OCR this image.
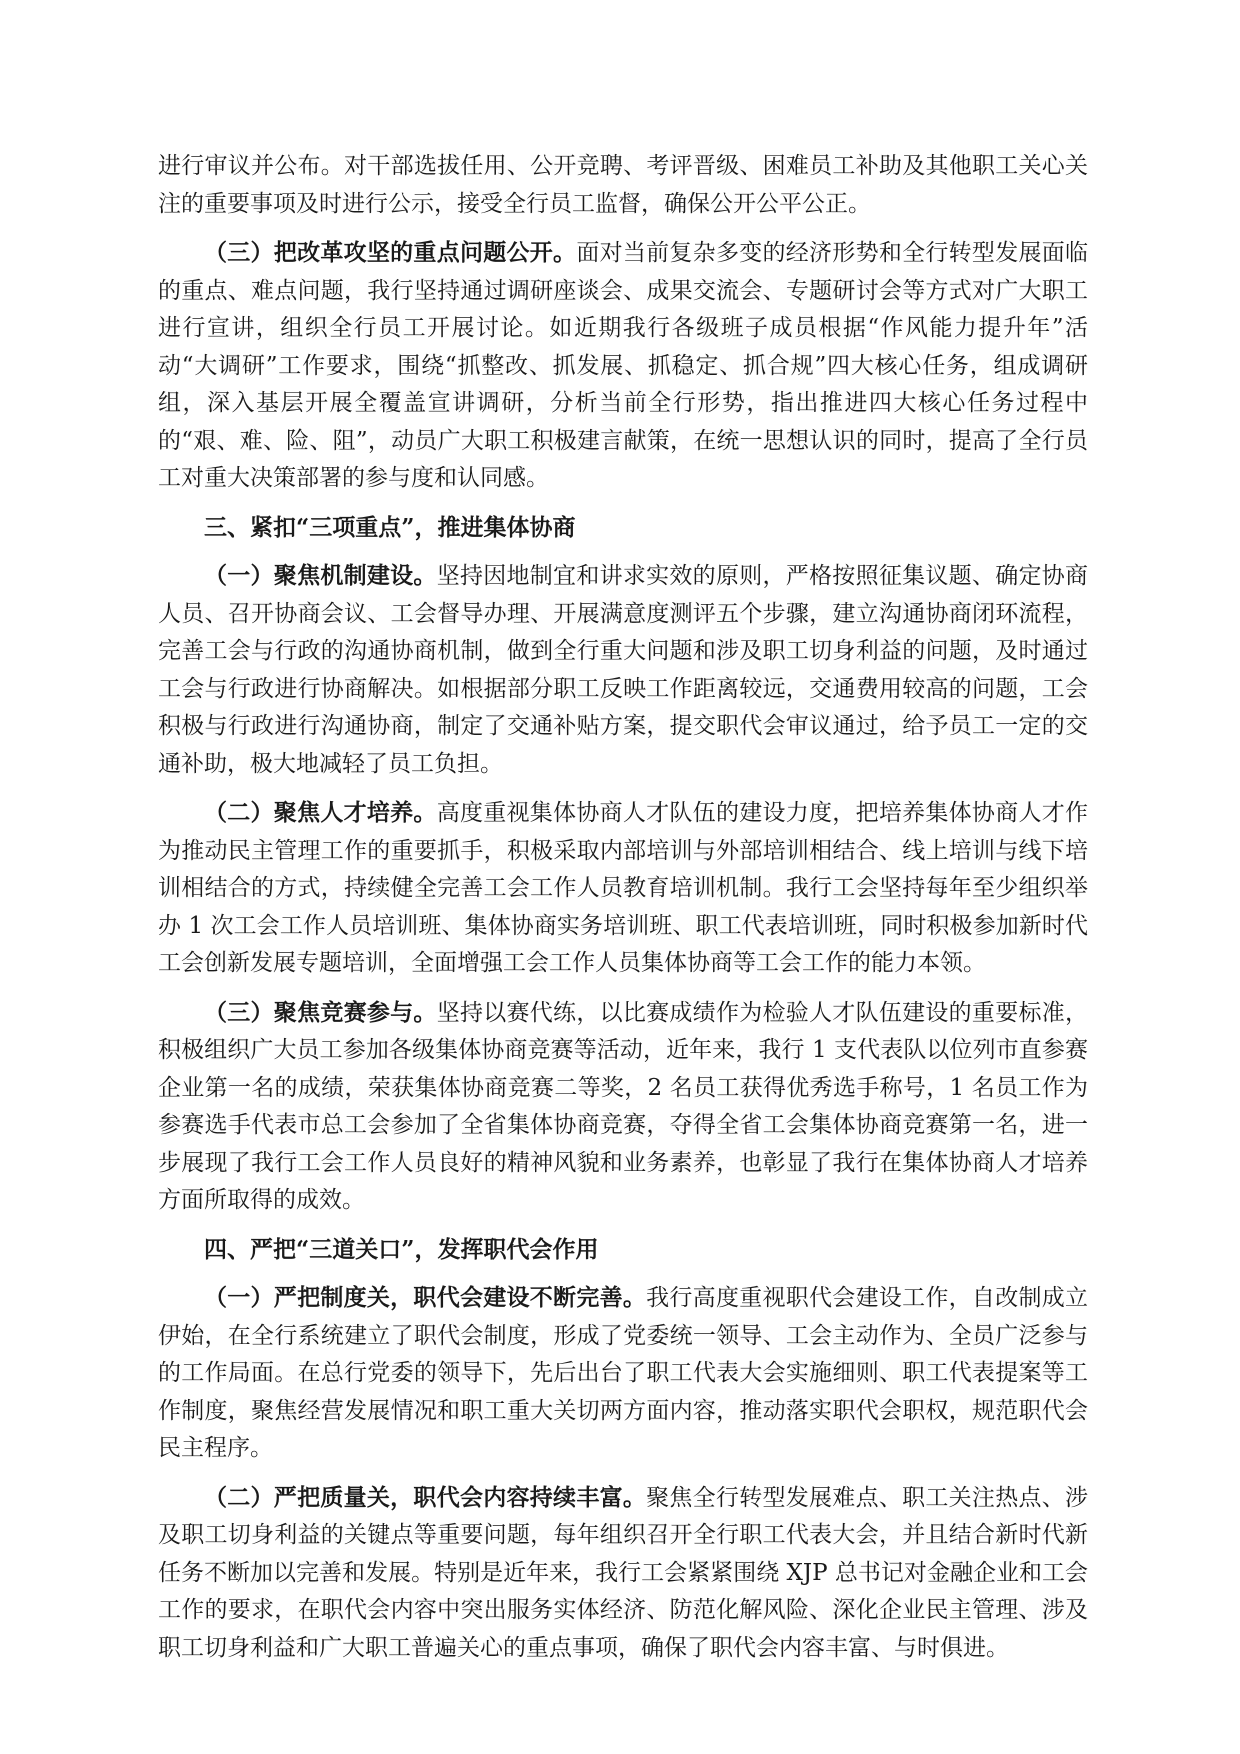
进行审议并公布。对干部选拔任用、公开竞聘、考评晋级、困难员工补助及其他职工关心关注的重要事项及时进行公示，接受全行员工监督，确保公开公平公正。

（三）把改革攻坚的重点问题公开。面对当前复杂多变的经济形势和全行转型发展面临的重点、难点问题，我行坚持通过调研座谈会、成果交流会、专题研讨会等方式对广大职工进行宣讲，组织全行员工开展讨论。如近期我行各级班子成员根据“作风能力提升年”活动“大调研”工作要求，围绕“抓整改、抓发展、抓稳定、抓合规”四大核心任务，组成调研组，深入基层开展全覆盖宣讲调研，分析当前全行形势，指出推进四大核心任务过程中的“艰、难、险、阻”，动员广大职工积极建言献策，在统一思想认识的同时，提高了全行员工对重大决策部署的参与度和认同感。

三、紧扣“三项重点”，推进集体协商

（一）聚焦机制建设。坚持因地制宜和讲求实效的原则，严格按照征集议题、确定协商人员、召开协商会议、工会督导办理、开展满意度测评五个步骤，建立沟通协商闭环流程，完善工会与行政的沟通协商机制，做到全行重大问题和涉及职工切身利益的问题，及时通过工会与行政进行协商解决。如根据部分职工反映工作距离较远，交通费用较高的问题，工会积极与行政进行沟通协商，制定了交通补贴方案，提交职代会审议通过，给予员工一定的交通补助，极大地减轻了员工负担。

（二）聚焦人才培养。高度重视集体协商人才队伍的建设力度，把培养集体协商人才作为推动民主管理工作的重要抓手，积极采取内部培训与外部培训相结合、线上培训与线下培训相结合的方式，持续健全完善工会工作人员教育培训机制。我行工会坚持每年至少组织举办 1 次工会工作人员培训班、集体协商实务培训班、职工代表培训班，同时积极参加新时代工会创新发展专题培训，全面增强工会工作人员集体协商等工会工作的能力本领。

（三）聚焦竞赛参与。坚持以赛代练，以比赛成绩作为检验人才队伍建设的重要标准，积极组织广大员工参加各级集体协商竞赛等活动，近年来，我行 1 支代表队以位列市直参赛企业第一名的成绩，荣获集体协商竞赛二等奖，2 名员工获得优秀选手称号，1 名员工作为参赛选手代表市总工会参加了全省集体协商竞赛，夺得全省工会集体协商竞赛第一名，进一步展现了我行工会工作人员良好的精神风貌和业务素养，也彰显了我行在集体协商人才培养方面所取得的成效。

四、严把“三道关口”，发挥职代会作用

（一）严把制度关，职代会建设不断完善。我行高度重视职代会建设工作，自改制成立伊始，在全行系统建立了职代会制度，形成了党委统一领导、工会主动作为、全员广泛参与的工作局面。在总行党委的领导下，先后出台了职工代表大会实施细则、职工代表提案等工作制度，聚焦经营发展情况和职工重大关切两方面内容，推动落实职代会职权，规范职代会民主程序。

（二）严把质量关，职代会内容持续丰富。聚焦全行转型发展难点、职工关注热点、涉及职工切身利益的关键点等重要问题，每年组织召开全行职工代表大会，并且结合新时代新任务不断加以完善和发展。特别是近年来，我行工会紧紧围绕 XJP 总书记对金融企业和工会工作的要求，在职代会内容中突出服务实体经济、防范化解风险、深化企业民主管理、涉及职工切身利益和广大职工普遍关心的重点事项，确保了职代会内容丰富、与时俱进。
